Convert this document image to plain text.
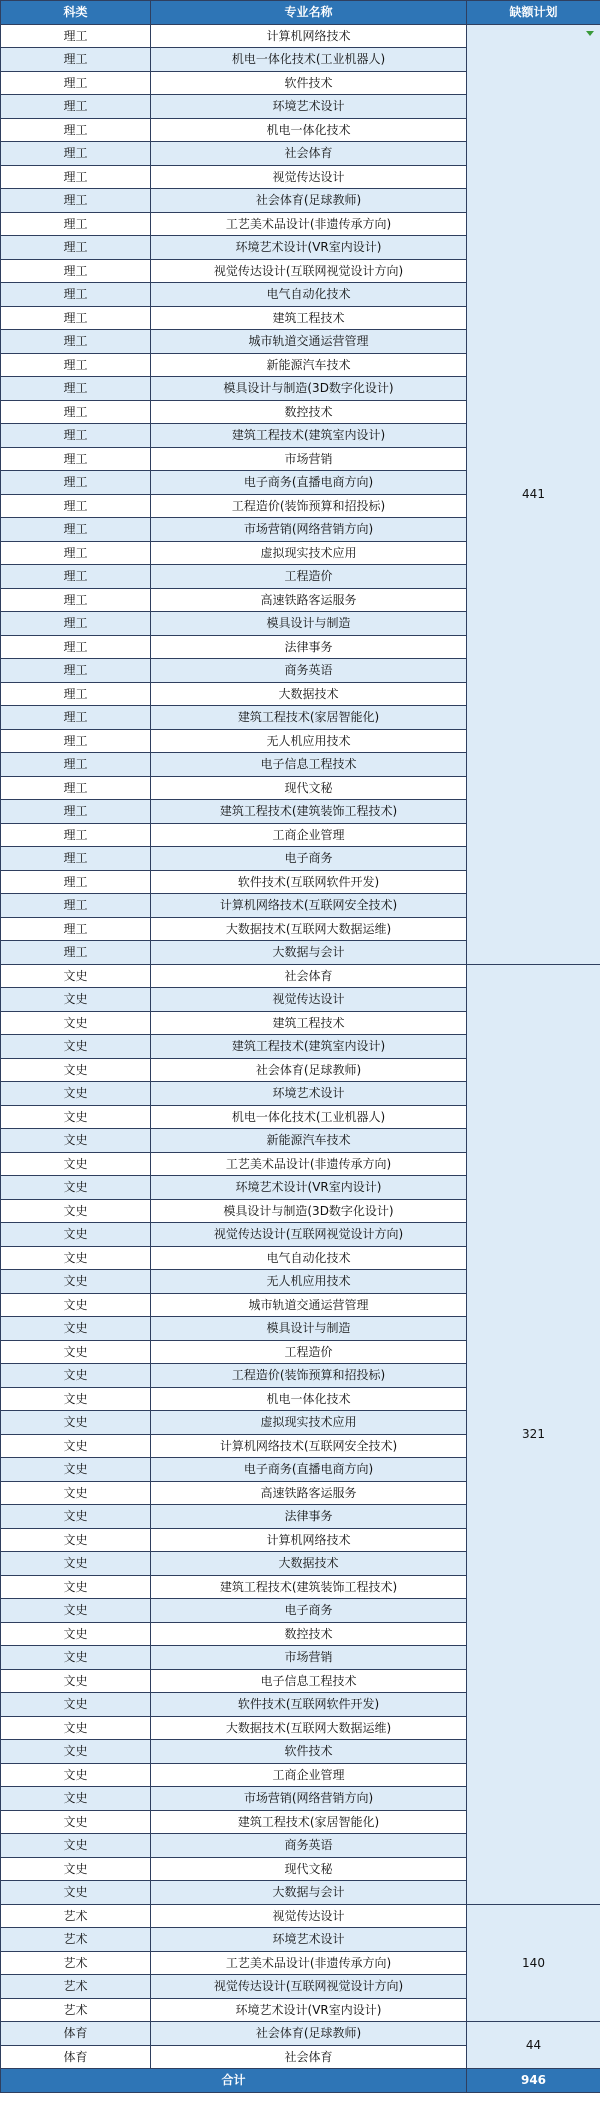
科类	专业名称	缺额计划
理工	计算机网络技术	441

理工	机电一体化技术(工业机器人)	
理工	软件技术	
理工	环境艺术设计	
理工	机电一体化技术	
理工	社会体育	
理工	视觉传达设计	
理工	社会体育(足球教师)	
理工	工艺美术品设计(非遗传承方向)	
理工	环境艺术设计(VR室内设计)	
理工	视觉传达设计(互联网视觉设计方向)	
理工	电气自动化技术	
理工	建筑工程技术	
理工	城市轨道交通运营管理	
理工	新能源汽车技术	
理工	模具设计与制造(3D数字化设计)	
理工	数控技术	
理工	建筑工程技术(建筑室内设计)	
理工	市场营销	
理工	电子商务(直播电商方向)	
理工	工程造价(装饰预算和招投标)	
理工	市场营销(网络营销方向)	
理工	虚拟现实技术应用	
理工	工程造价	
理工	高速铁路客运服务	
理工	模具设计与制造	
理工	法律事务	
理工	商务英语	
理工	大数据技术	
理工	建筑工程技术(家居智能化)	
理工	无人机应用技术	
理工	电子信息工程技术	
理工	现代文秘	
理工	建筑工程技术(建筑装饰工程技术)	
理工	工商企业管理	
理工	电子商务	
理工	软件技术(互联网软件开发)	
理工	计算机网络技术(互联网安全技术)	
理工	大数据技术(互联网大数据运维)	
理工	大数据与会计	
文史	社会体育	321
文史	视觉传达设计	
文史	建筑工程技术	
文史	建筑工程技术(建筑室内设计)	
文史	社会体育(足球教师)	
文史	环境艺术设计	
文史	机电一体化技术(工业机器人)	
文史	新能源汽车技术	
文史	工艺美术品设计(非遗传承方向)	
文史	环境艺术设计(VR室内设计)	
文史	模具设计与制造(3D数字化设计)	
文史	视觉传达设计(互联网视觉设计方向)	
文史	电气自动化技术	
文史	无人机应用技术	
文史	城市轨道交通运营管理	
文史	模具设计与制造	
文史	工程造价	
文史	工程造价(装饰预算和招投标)	
文史	机电一体化技术	
文史	虚拟现实技术应用	
文史	计算机网络技术(互联网安全技术)	
文史	电子商务(直播电商方向)	
文史	高速铁路客运服务	
文史	法律事务	
文史	计算机网络技术	
文史	大数据技术	
文史	建筑工程技术(建筑装饰工程技术)	
文史	电子商务	
文史	数控技术	
文史	市场营销	
文史	电子信息工程技术	
文史	软件技术(互联网软件开发)	
文史	大数据技术(互联网大数据运维)	
文史	软件技术	
文史	工商企业管理	
文史	市场营销(网络营销方向)	
文史	建筑工程技术(家居智能化)	
文史	商务英语	
文史	现代文秘	
文史	大数据与会计	
艺术	视觉传达设计	140
艺术	环境艺术设计	
艺术	工艺美术品设计(非遗传承方向)	
艺术	视觉传达设计(互联网视觉设计方向)	
艺术	环境艺术设计(VR室内设计)	
体育	社会体育(足球教师)	44
体育	社会体育	
合计		946
